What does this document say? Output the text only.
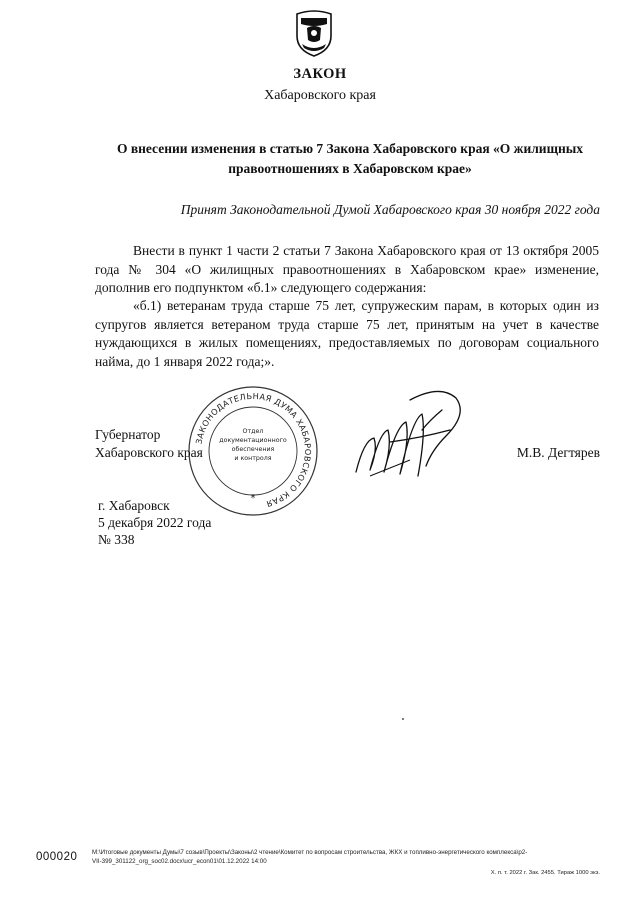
ЗАКОН
Хабаровского края
О внесении изменения в статью 7 Закона Хабаровского края «О жилищных
правоотношениях в Хабаровском крае»
Принят Законодательной Думой Хабаровского края 30 ноября 2022 года

Внести в пункт 1 части 2 статьи 7 Закона Хабаровского края от 13 октября 2005 года № 304 «О жилищных правоотношениях в Хабаровском крае» изменение, дополнив его подпунктом «б.1» следующего содержания:

«б.1) ветеранам труда старше 75 лет, супружеским парам, в которых один из супругов является ветераном труда старше 75 лет, принятым на учет в качестве нуждающихся в жилых помещениях, предоставляемых по договорам социального найма, до 1 января 2022 года;».

ЗАКОНОДАТЕЛЬНАЯ ДУМА ХАБАРОВСКОГО КРАЯ
Отдел
документационного
обеспечения
и контроля
*
Губернатор
Хабаровского края	М.В. Дегтярев
г. Хабаровск
5 декабря 2022 года
№ 338
000020 M:\Итоговые документы Думы\7 созыв\Проекты\Законы\2 чтение\Комитет по вопросам строительства, ЖКХ и топливно-энергетического комплекса\р2-
VII-399_301122_org_soc02.docx\ucr_econ01\01.12.2022 14:00
Х. п. т. 2022 г. Зак. 2455. Тираж 1000 экз.
